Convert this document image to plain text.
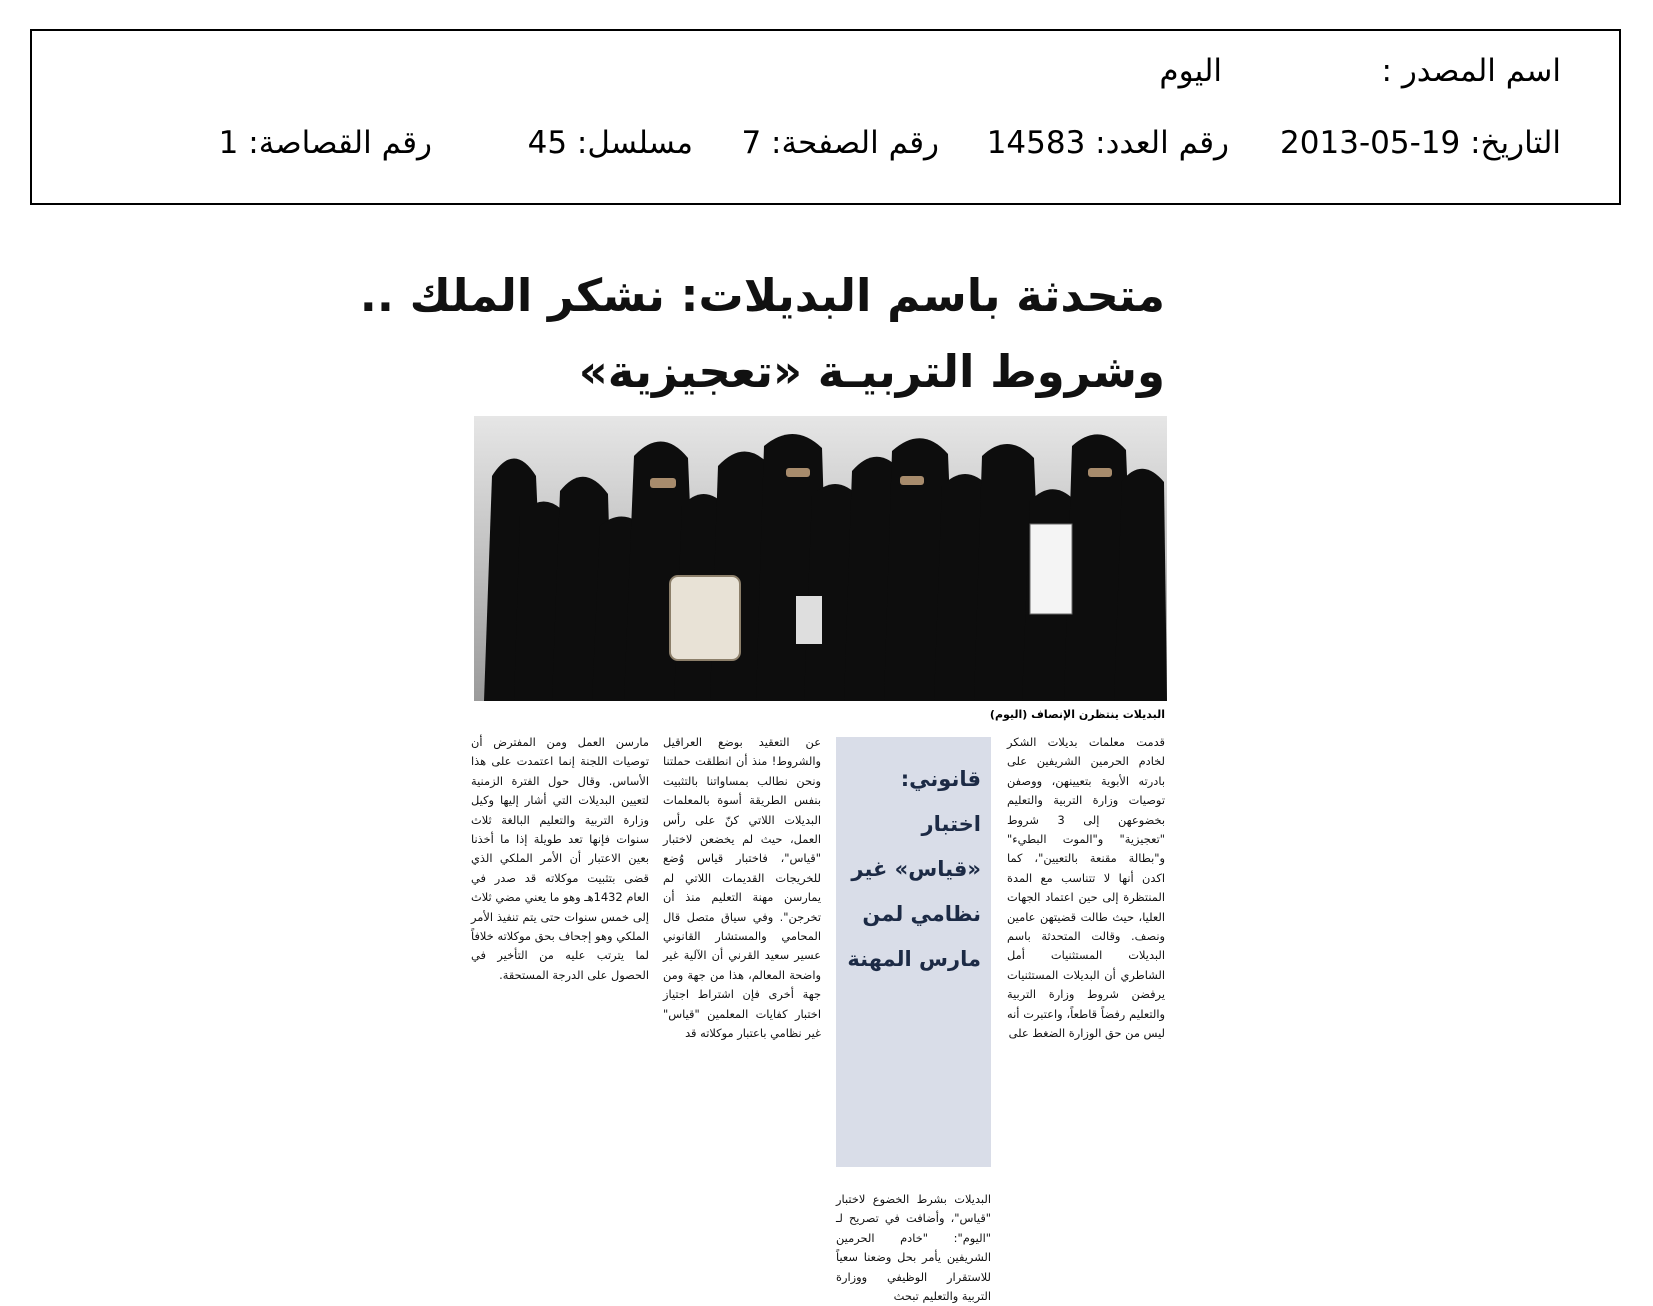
اسم المصدر :
اليوم
التاريخ: 19-05-2013
رقم العدد: 14583
رقم الصفحة: 7
مسلسل: 45
رقم القصاصة: 1
متحدثة باسم البديلات: نشكر الملك ..
وشروط التربيـة «تعجيزية»
البديلات ينتظرن الإنصاف (اليوم)

قدمت معلمات بديلات الشكر لخادم الحرمين الشريفين على بادرته الأبوية بتعيينهن، ووصفن توصيات وزارة التربية والتعليم بخضوعهن إلى 3 شروط "تعجيزية" و"الموت البطيء" و"بطالة مقنعة بالتعيين"، كما اكدن أنها لا تتناسب مع المدة المنتظرة إلى حين اعتماد الجهات العليا، حيث طالت قضيتهن عامين ونصف. وقالت المتحدثة باسم البديلات المستثنيات أمل الشاطري أن البديلات المستثنيات يرفضن شروط وزارة التربية والتعليم رفضاً قاطعاً، واعتبرت أنه ليس من حق الوزارة الضغط على

قانوني: اختبار «قياس» غير نظامي لمن مارس المهنة

البديلات بشرط الخضوع لاختبار "قياس"، وأضافت في تصريح لـ "اليوم": "خادم الحرمين الشريفين يأمر بحل وضعنا سعياً للاستقرار الوظيفي ووزارة التربية والتعليم تبحث

عن التعقيد بوضع العراقيل والشروط! منذ أن انطلقت حملتنا ونحن نطالب بمساواتنا بالتثبيت بنفس الطريقة أسوة بالمعلمات البديلات اللاتي كنّ على رأس العمل، حيث لم يخضعن لاختبار "قياس"، فاختبار قياس وُضع للخريجات القديمات اللاتي لم يمارسن مهنة التعليم منذ أن تخرجن". وفي سياق متصل قال المحامي والمستشار القانوني عسير سعيد القرني أن الآلية غير واضحة المعالم، هذا من جهة ومن جهة أخرى فإن اشتراط اجتياز اختبار كفايات المعلمين "قياس" غير نظامي باعتبار موكلاته قد

مارسن العمل ومن المفترض أن توصيات اللجنة إنما اعتمدت على هذا الأساس. وقال حول الفترة الزمنية لتعيين البديلات التي أشار إليها وكيل وزارة التربية والتعليم البالغة ثلاث سنوات فإنها تعد طويلة إذا ما أخذنا بعين الاعتبار أن الأمر الملكي الذي قضى بتثبيت موكلاته قد صدر في العام 1432هـ وهو ما يعني مضي ثلاث إلى خمس سنوات حتى يتم تنفيذ الأمر الملكي وهو إجحاف بحق موكلاته خلافاً لما يترتب عليه من التأخير في الحصول على الدرجة المستحقة.
